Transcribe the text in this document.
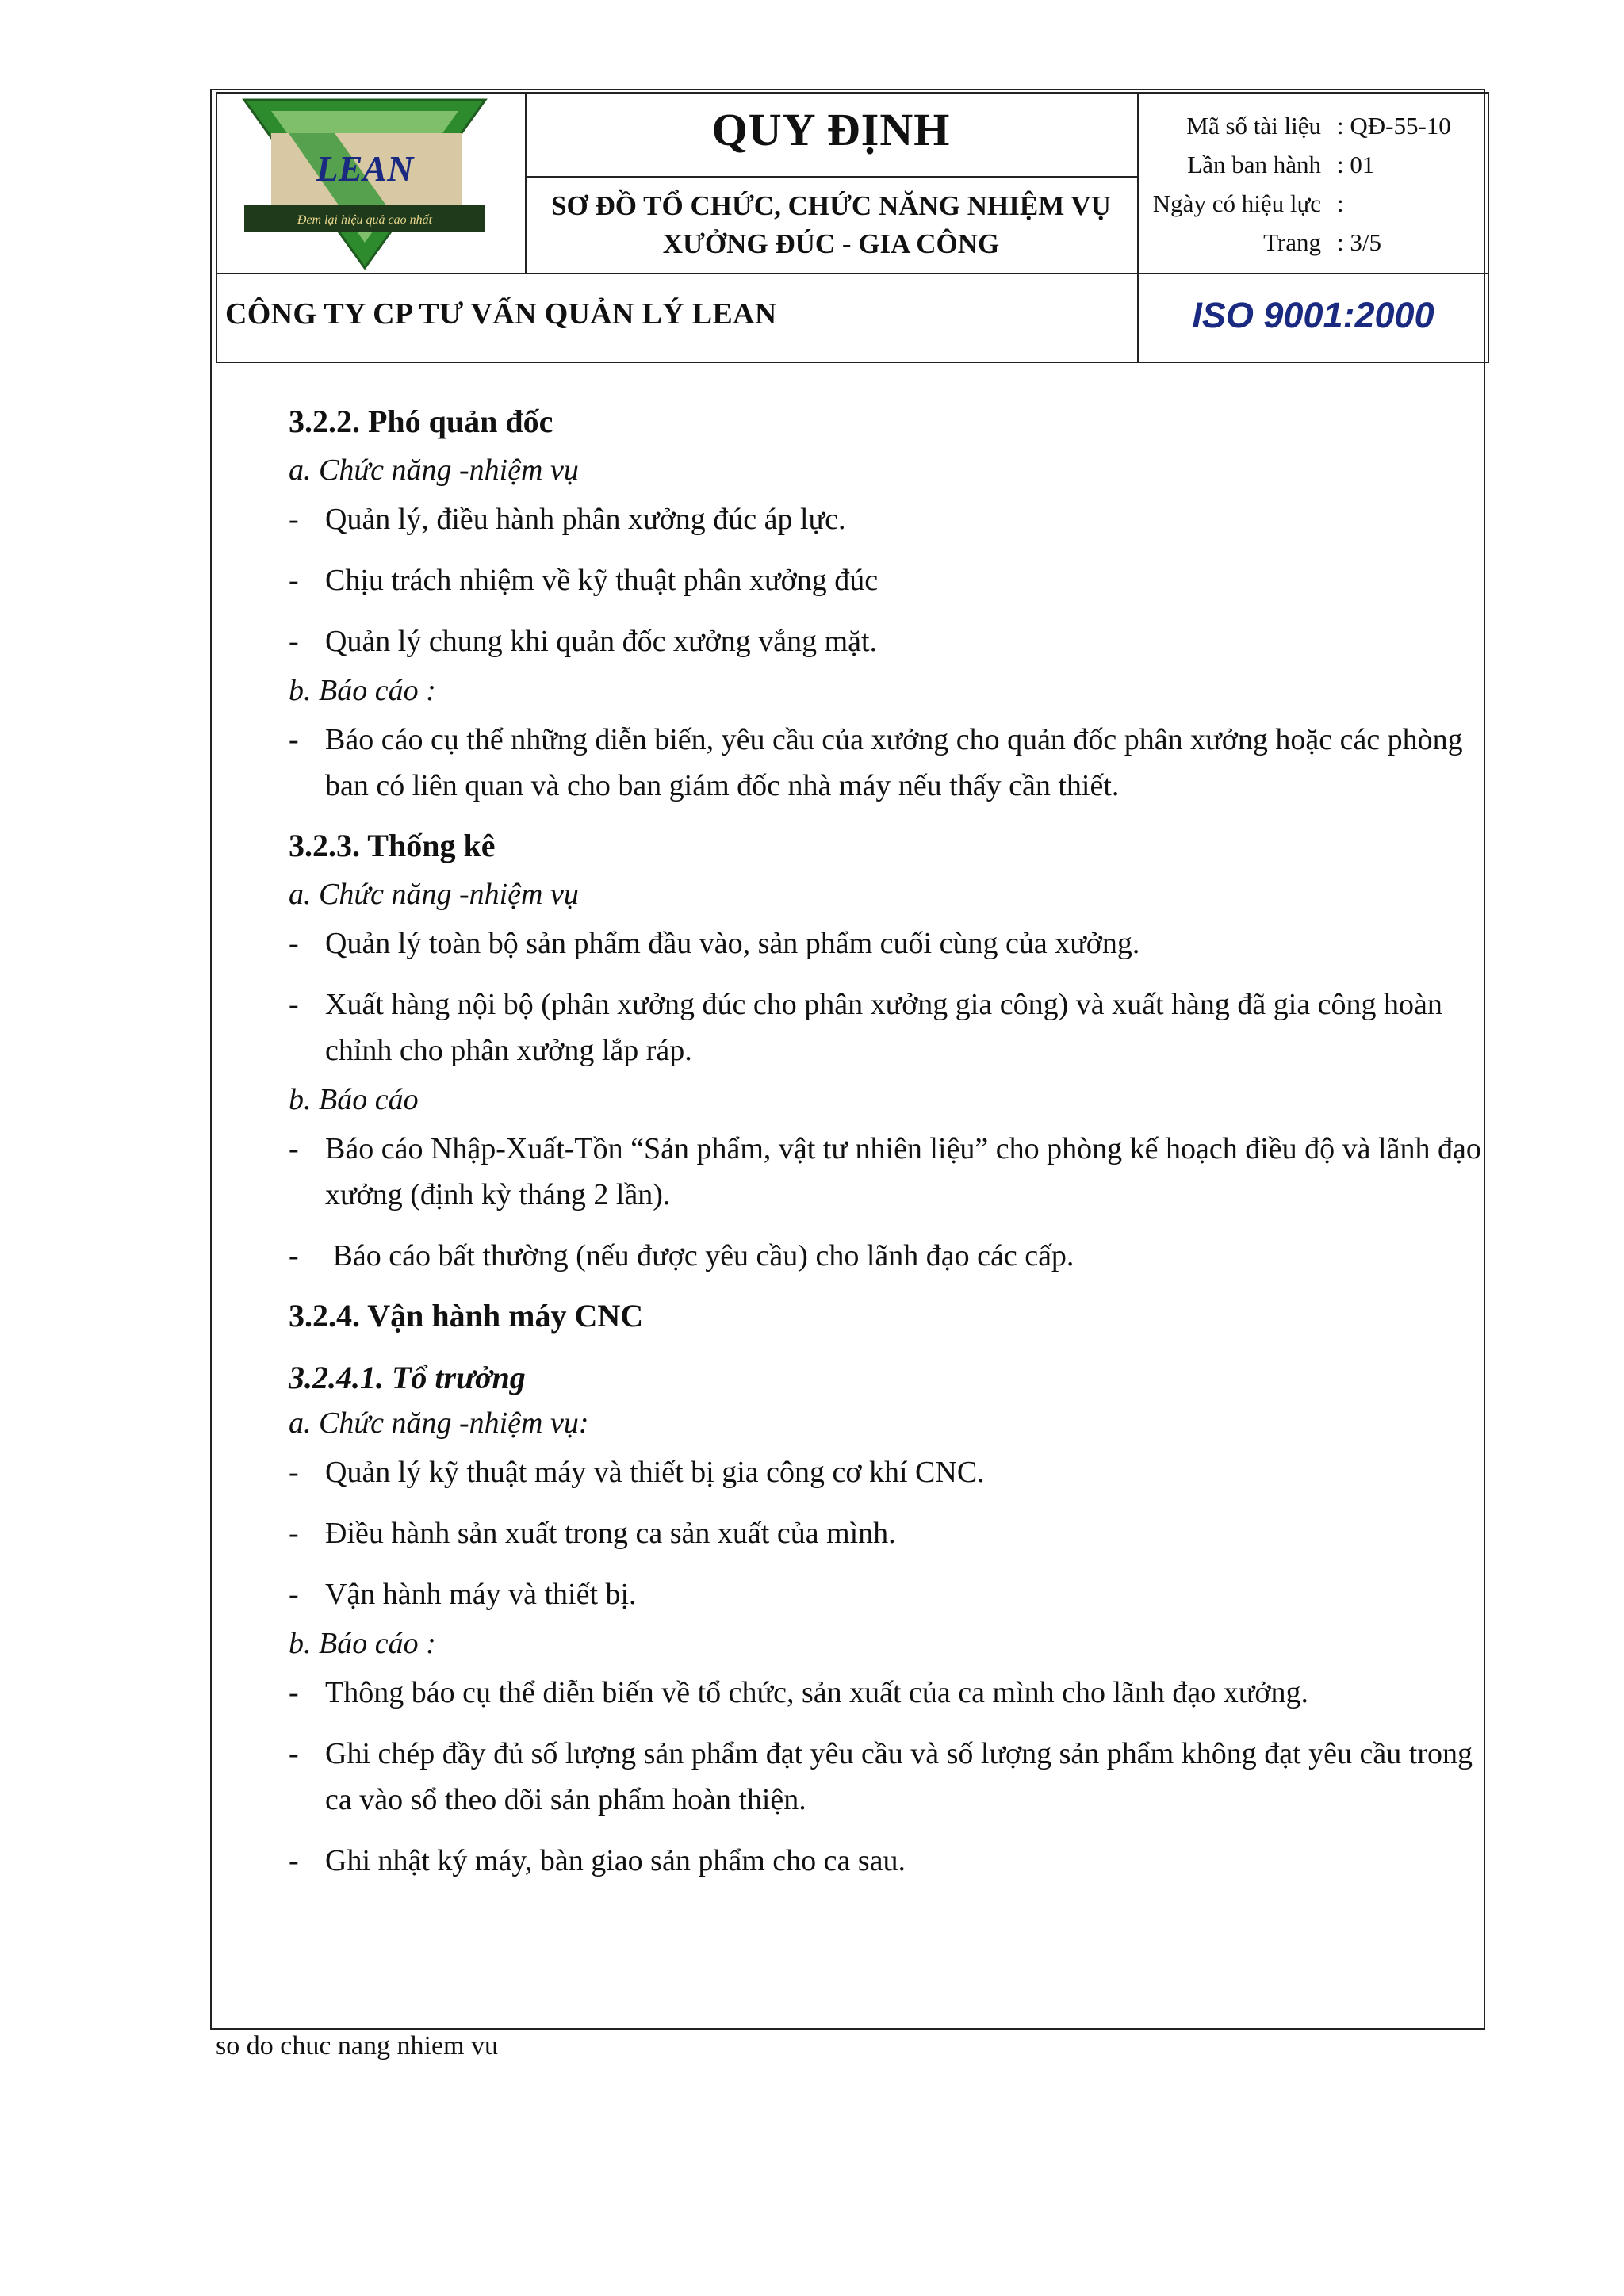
LEAN
Đem lại hiệu quả cao nhất
QUY ĐỊNH
SƠ ĐỒ TỔ CHỨC, CHỨC NĂNG NHIỆM VỤ
XƯỞNG ĐÚC - GIA CÔNG
Mã số tài liệu : QĐ-55-10
Lần ban hành : 01
Ngày có hiệu lực :
Trang : 3/5
CÔNG TY CP TƯ VẤN QUẢN LÝ LEAN	ISO 9001:2000
3.2.2. Phó quản đốc
a. Chức năng -nhiệm vụ
- Quản lý, điều hành phân xưởng đúc áp lực.
- Chịu trách nhiệm về kỹ thuật phân xưởng đúc
- Quản lý chung khi quản đốc xưởng vắng mặt.
b. Báo cáo :
- Báo cáo cụ thể những diễn biến, yêu cầu của xưởng cho quản đốc phân xưởng hoặc các phòng ban có liên quan và cho ban giám đốc nhà máy nếu thấy cần thiết.
3.2.3. Thống kê
a. Chức năng -nhiệm vụ
- Quản lý toàn bộ sản phẩm đầu vào, sản phẩm cuối cùng của xưởng.
- Xuất hàng nội bộ (phân xưởng đúc cho phân xưởng gia công) và xuất hàng đã gia công hoàn chỉnh cho phân xưởng lắp ráp.
b. Báo cáo
- Báo cáo Nhập-Xuất-Tồn “Sản phẩm, vật tư nhiên liệu” cho phòng kế hoạch điều độ và lãnh đạo xưởng (định kỳ tháng 2 lần).
- Báo cáo bất thường (nếu được yêu cầu) cho lãnh đạo các cấp.
3.2.4. Vận hành máy CNC
3.2.4.1. Tổ trưởng
a. Chức năng -nhiệm vụ:
- Quản lý kỹ thuật máy và thiết bị gia công cơ khí CNC.
- Điều hành sản xuất trong ca sản xuất của mình.
- Vận hành máy và thiết bị.
b. Báo cáo :
- Thông báo cụ thể diễn biến về tổ chức, sản xuất của ca mình cho lãnh đạo xưởng.
- Ghi chép đầy đủ số lượng sản phẩm đạt yêu cầu và số lượng sản phẩm không đạt yêu cầu trong ca vào sổ theo dõi sản phẩm hoàn thiện.
- Ghi nhật ký máy, bàn giao sản phẩm cho ca sau.
so do chuc nang nhiem vu
